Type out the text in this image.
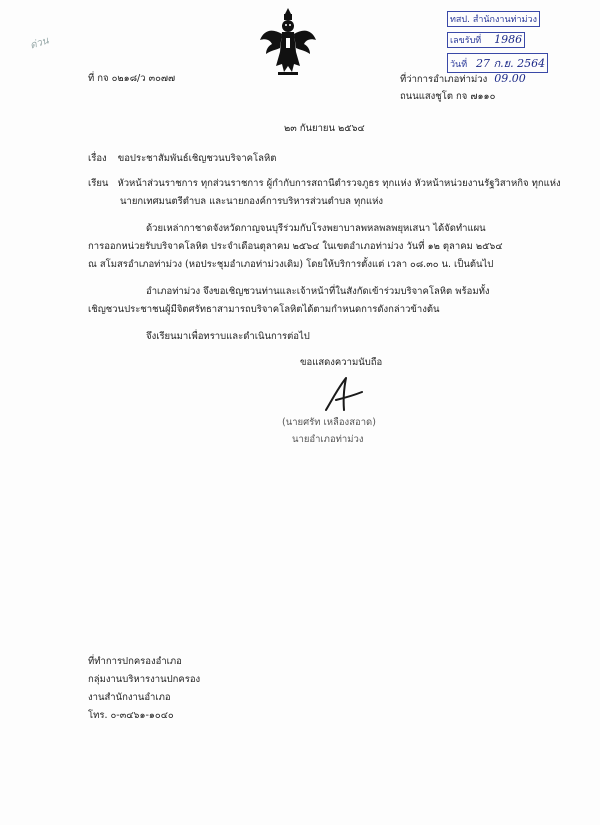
ด่วน
ทสป. สำนักงานท่าม่วง
เลขรับที่ 1986
วันที่ 27 ก.ย. 2564
ที่ กจ ๐๒๑๘/ว ๓๐๗๗	ที่ว่าการอำเภอท่าม่วง 09.00
ถนนแสงชูโต กจ ๗๑๑๐
๒๓ กันยายน ๒๕๖๔
เรื่อง ขอประชาสัมพันธ์เชิญชวนบริจาคโลหิต
เรียน หัวหน้าส่วนราชการ ทุกส่วนราชการ ผู้กำกับการสถานีตำรวจภูธร ทุกแห่ง หัวหน้าหน่วยงานรัฐวิสาหกิจ ทุกแห่ง
นายกเทศมนตรีตำบล และนายกองค์การบริหารส่วนตำบล ทุกแห่ง
ด้วยเหล่ากาชาดจังหวัดกาญจนบุรีร่วมกับโรงพยาบาลพหลพลพยุหเสนา ได้จัดทำแผน
การออกหน่วยรับบริจาคโลหิต ประจำเดือนตุลาคม ๒๕๖๔ ในเขตอำเภอท่าม่วง วันที่ ๑๒ ตุลาคม ๒๕๖๔
ณ สโมสรอำเภอท่าม่วง (หอประชุมอำเภอท่าม่วงเดิม) โดยให้บริการตั้งแต่ เวลา ๐๘.๓๐ น. เป็นต้นไป
อำเภอท่าม่วง จึงขอเชิญชวนท่านและเจ้าหน้าที่ในสังกัดเข้าร่วมบริจาคโลหิต พร้อมทั้ง
เชิญชวนประชาชนผู้มีจิตศรัทธาสามารถบริจาคโลหิตได้ตามกำหนดการดังกล่าวข้างต้น
จึงเรียนมาเพื่อทราบและดำเนินการต่อไป
ขอแสดงความนับถือ
(นายศรัท เหลืองสอาด)
นายอำเภอท่าม่วง
ที่ทำการปกครองอำเภอ
กลุ่มงานบริหารงานปกครอง
งานสำนักงานอำเภอ
โทร. ๐-๓๔๖๑-๑๐๔๐
